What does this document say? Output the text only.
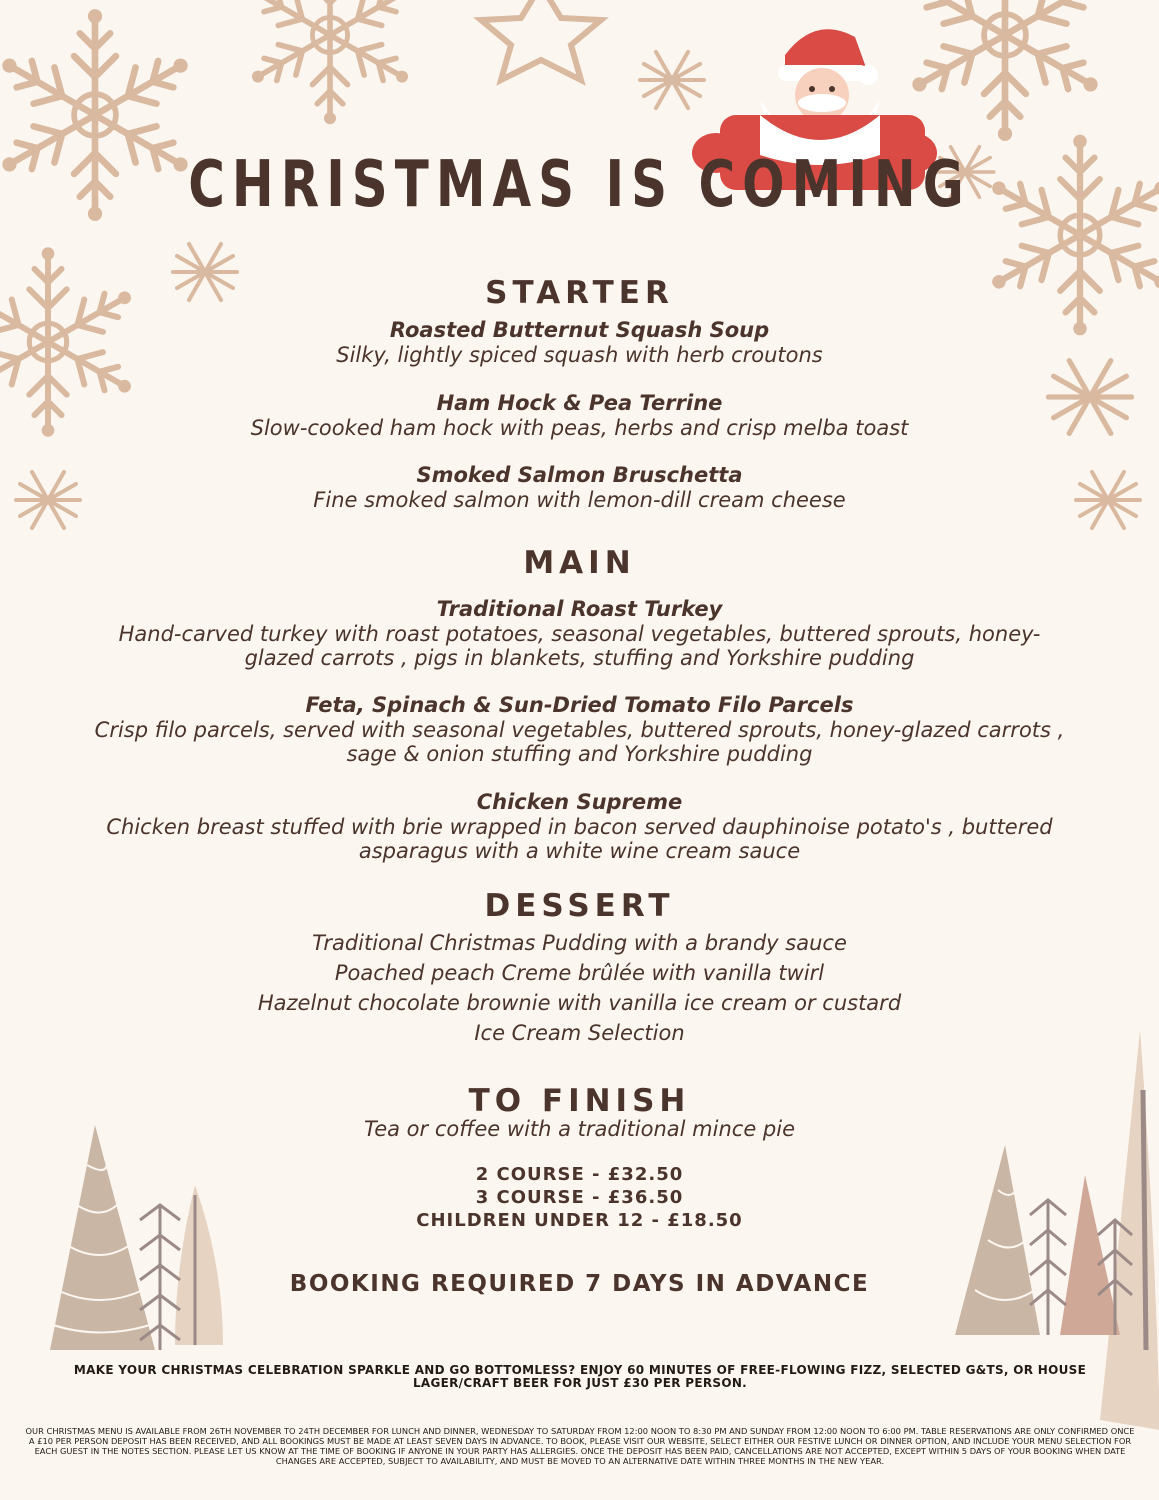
CHRISTMAS IS COMING
STARTER
Roasted Butternut Squash Soup
Silky, lightly spiced squash with herb croutons
Ham Hock & Pea Terrine
Slow-cooked ham hock with peas, herbs and crisp melba toast
Smoked Salmon Bruschetta
Fine smoked salmon with lemon-dill cream cheese
MAIN
Traditional Roast Turkey
Hand-carved turkey with roast potatoes, seasonal vegetables, buttered sprouts, honey-glazed carrots , pigs in blankets, stuffing and Yorkshire pudding
Feta, Spinach & Sun-Dried Tomato Filo Parcels
Crisp filo parcels, served with seasonal vegetables, buttered sprouts, honey-glazed carrots , sage & onion stuffing and Yorkshire pudding
Chicken Supreme
Chicken breast stuffed with brie wrapped in bacon served dauphinoise potato's , buttered asparagus with a white wine cream sauce
DESSERT
Traditional Christmas Pudding with a brandy sauce
Poached peach Creme brûlée with vanilla twirl
Hazelnut chocolate brownie with vanilla ice cream or custard
Ice Cream Selection
TO FINISH
Tea or coffee with a traditional mince pie
2 COURSE - £32.50
3 COURSE - £36.50
CHILDREN UNDER 12 - £18.50
BOOKING REQUIRED 7 DAYS IN ADVANCE
MAKE YOUR CHRISTMAS CELEBRATION SPARKLE AND GO BOTTOMLESS? ENJOY 60 MINUTES OF FREE-FLOWING FIZZ, SELECTED G&TS, OR HOUSE LAGER/CRAFT BEER FOR JUST £30 PER PERSON.
OUR CHRISTMAS MENU IS AVAILABLE FROM 26TH NOVEMBER TO 24TH DECEMBER FOR LUNCH AND DINNER, WEDNESDAY TO SATURDAY FROM 12:00 NOON TO 8:30 PM AND SUNDAY FROM 12:00 NOON TO 6:00 PM. TABLE RESERVATIONS ARE ONLY CONFIRMED ONCE A £10 PER PERSON DEPOSIT HAS BEEN RECEIVED, AND ALL BOOKINGS MUST BE MADE AT LEAST SEVEN DAYS IN ADVANCE. TO BOOK, PLEASE VISIT OUR WEBSITE, SELECT EITHER OUR FESTIVE LUNCH OR DINNER OPTION, AND INCLUDE YOUR MENU SELECTION FOR EACH GUEST IN THE NOTES SECTION. PLEASE LET US KNOW AT THE TIME OF BOOKING IF ANYONE IN YOUR PARTY HAS ALLERGIES. ONCE THE DEPOSIT HAS BEEN PAID, CANCELLATIONS ARE NOT ACCEPTED, EXCEPT WITHIN 5 DAYS OF YOUR BOOKING WHEN DATE CHANGES ARE ACCEPTED, SUBJECT TO AVAILABILITY, AND MUST BE MOVED TO AN ALTERNATIVE DATE WITHIN THREE MONTHS IN THE NEW YEAR.
